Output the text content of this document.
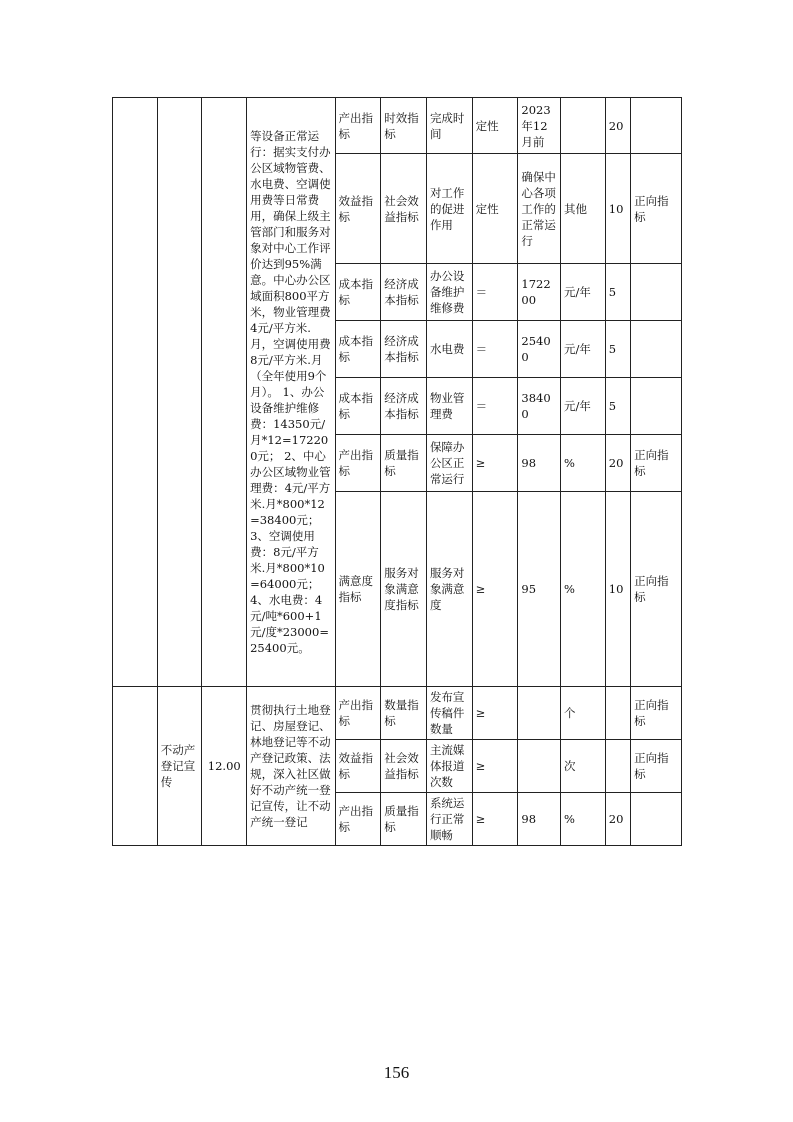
			等设备正常运行：据实支付办公区域物管费、水电费、空调使用费等日常费用，确保上级主管部门和服务对象对中心工作评价达到95%满意。中心办公区域面积800平方米，物业管理费4元/平方米.月，空调使用费8元/平方米.月（全年使用9个月）。 1、办公设备维护维修费：14350元/月*12=172200元； 2、中心办公区域物业管理费：4元/平方米.月*800*12=38400元；3、空调使用费：8元/平方米.月*800*10=64000元；4、水电费：4元/吨*600+1元/度*23000=25400元。	产出指标	时效指标	完成时间	定性	2023年12月前		20	
				效益指标	社会效益指标	对工作的促进作用	定性	确保中心各项工作的正常运行	其他	10	正向指标
				成本指标	经济成本指标	办公设备维护维修费	＝	172200	元/年	5	
				成本指标	经济成本指标	水电费	＝	25400	元/年	5	
				成本指标	经济成本指标	物业管理费	＝	38400	元/年	5	
				产出指标	质量指标	保障办公区正常运行	≥	98	%	20	正向指标
				满意度指标	服务对象满意度指标	服务对象满意度	≥	95	%	10	正向指标
	不动产登记宣传	12.00	贯彻执行土地登记、房屋登记、林地登记等不动产登记政策、法规，深入社区做好不动产统一登记宣传，让不动产统一登记	产出指标	数量指标	发布宣传稿件数量	≥		个		正向指标
				效益指标	社会效益指标	主流媒体报道次数	≥		次		正向指标
				产出指标	质量指标	系统运行正常顺畅	≥	98	%	20	
156
